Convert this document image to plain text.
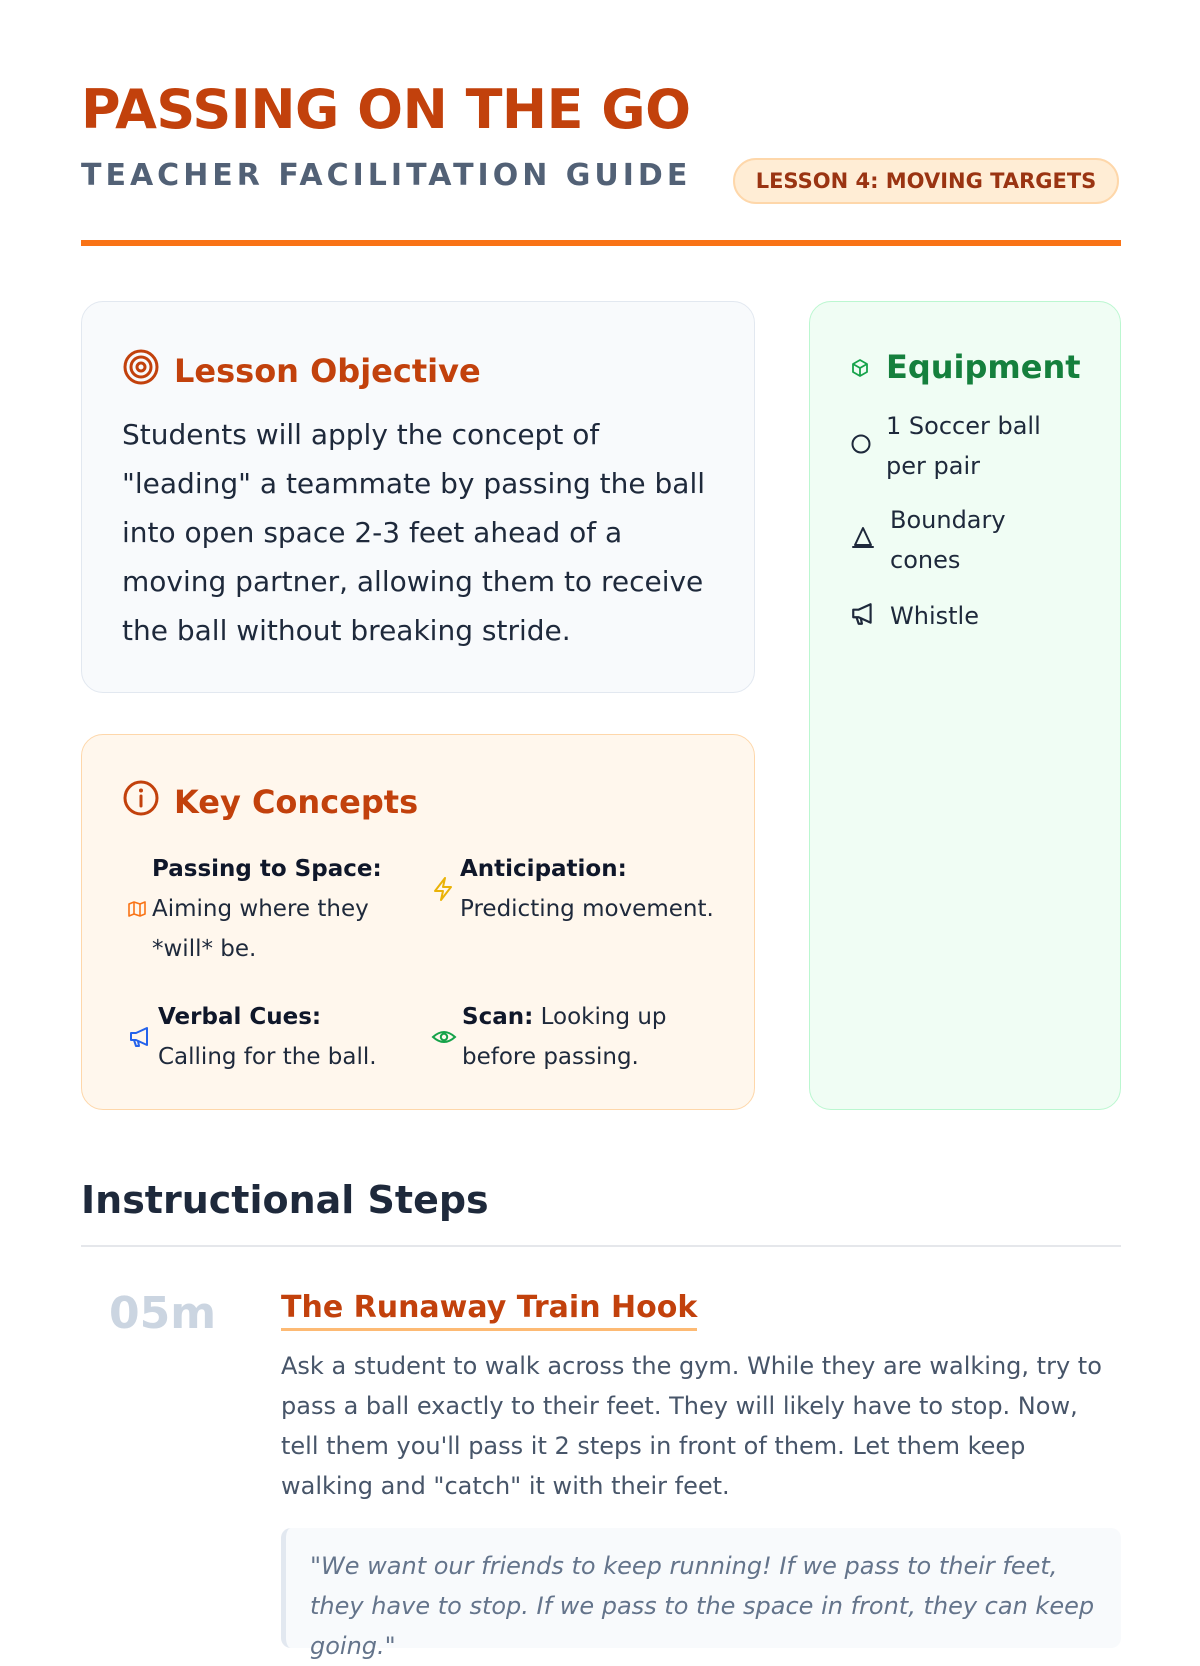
PASSING ON THE GO
TEACHER FACILITATION GUIDE	LESSON 4: MOVING TARGETS
Lesson Objective
Students will apply the concept of "leading" a teammate by passing the ball into open space 2-3 feet ahead of a moving partner, allowing them to receive the ball without breaking stride.
Key Concepts
Passing to Space:
Aiming where they *will* be.
Anticipation:
Predicting movement.
Verbal Cues:
Calling for the ball.
Scan: Looking up before passing.
Equipment
1 Soccer ball per pair
Boundary cones
Whistle
Instructional Steps
05m The Runaway Train Hook
Ask a student to walk across the gym. While they are walking, try to pass a ball exactly to their feet. They will likely have to stop. Now, tell them you'll pass it 2 steps in front of them. Let them keep walking and "catch" it with their feet.
"We want our friends to keep running! If we pass to their feet, they have to stop. If we pass to the space in front, they can keep going."
